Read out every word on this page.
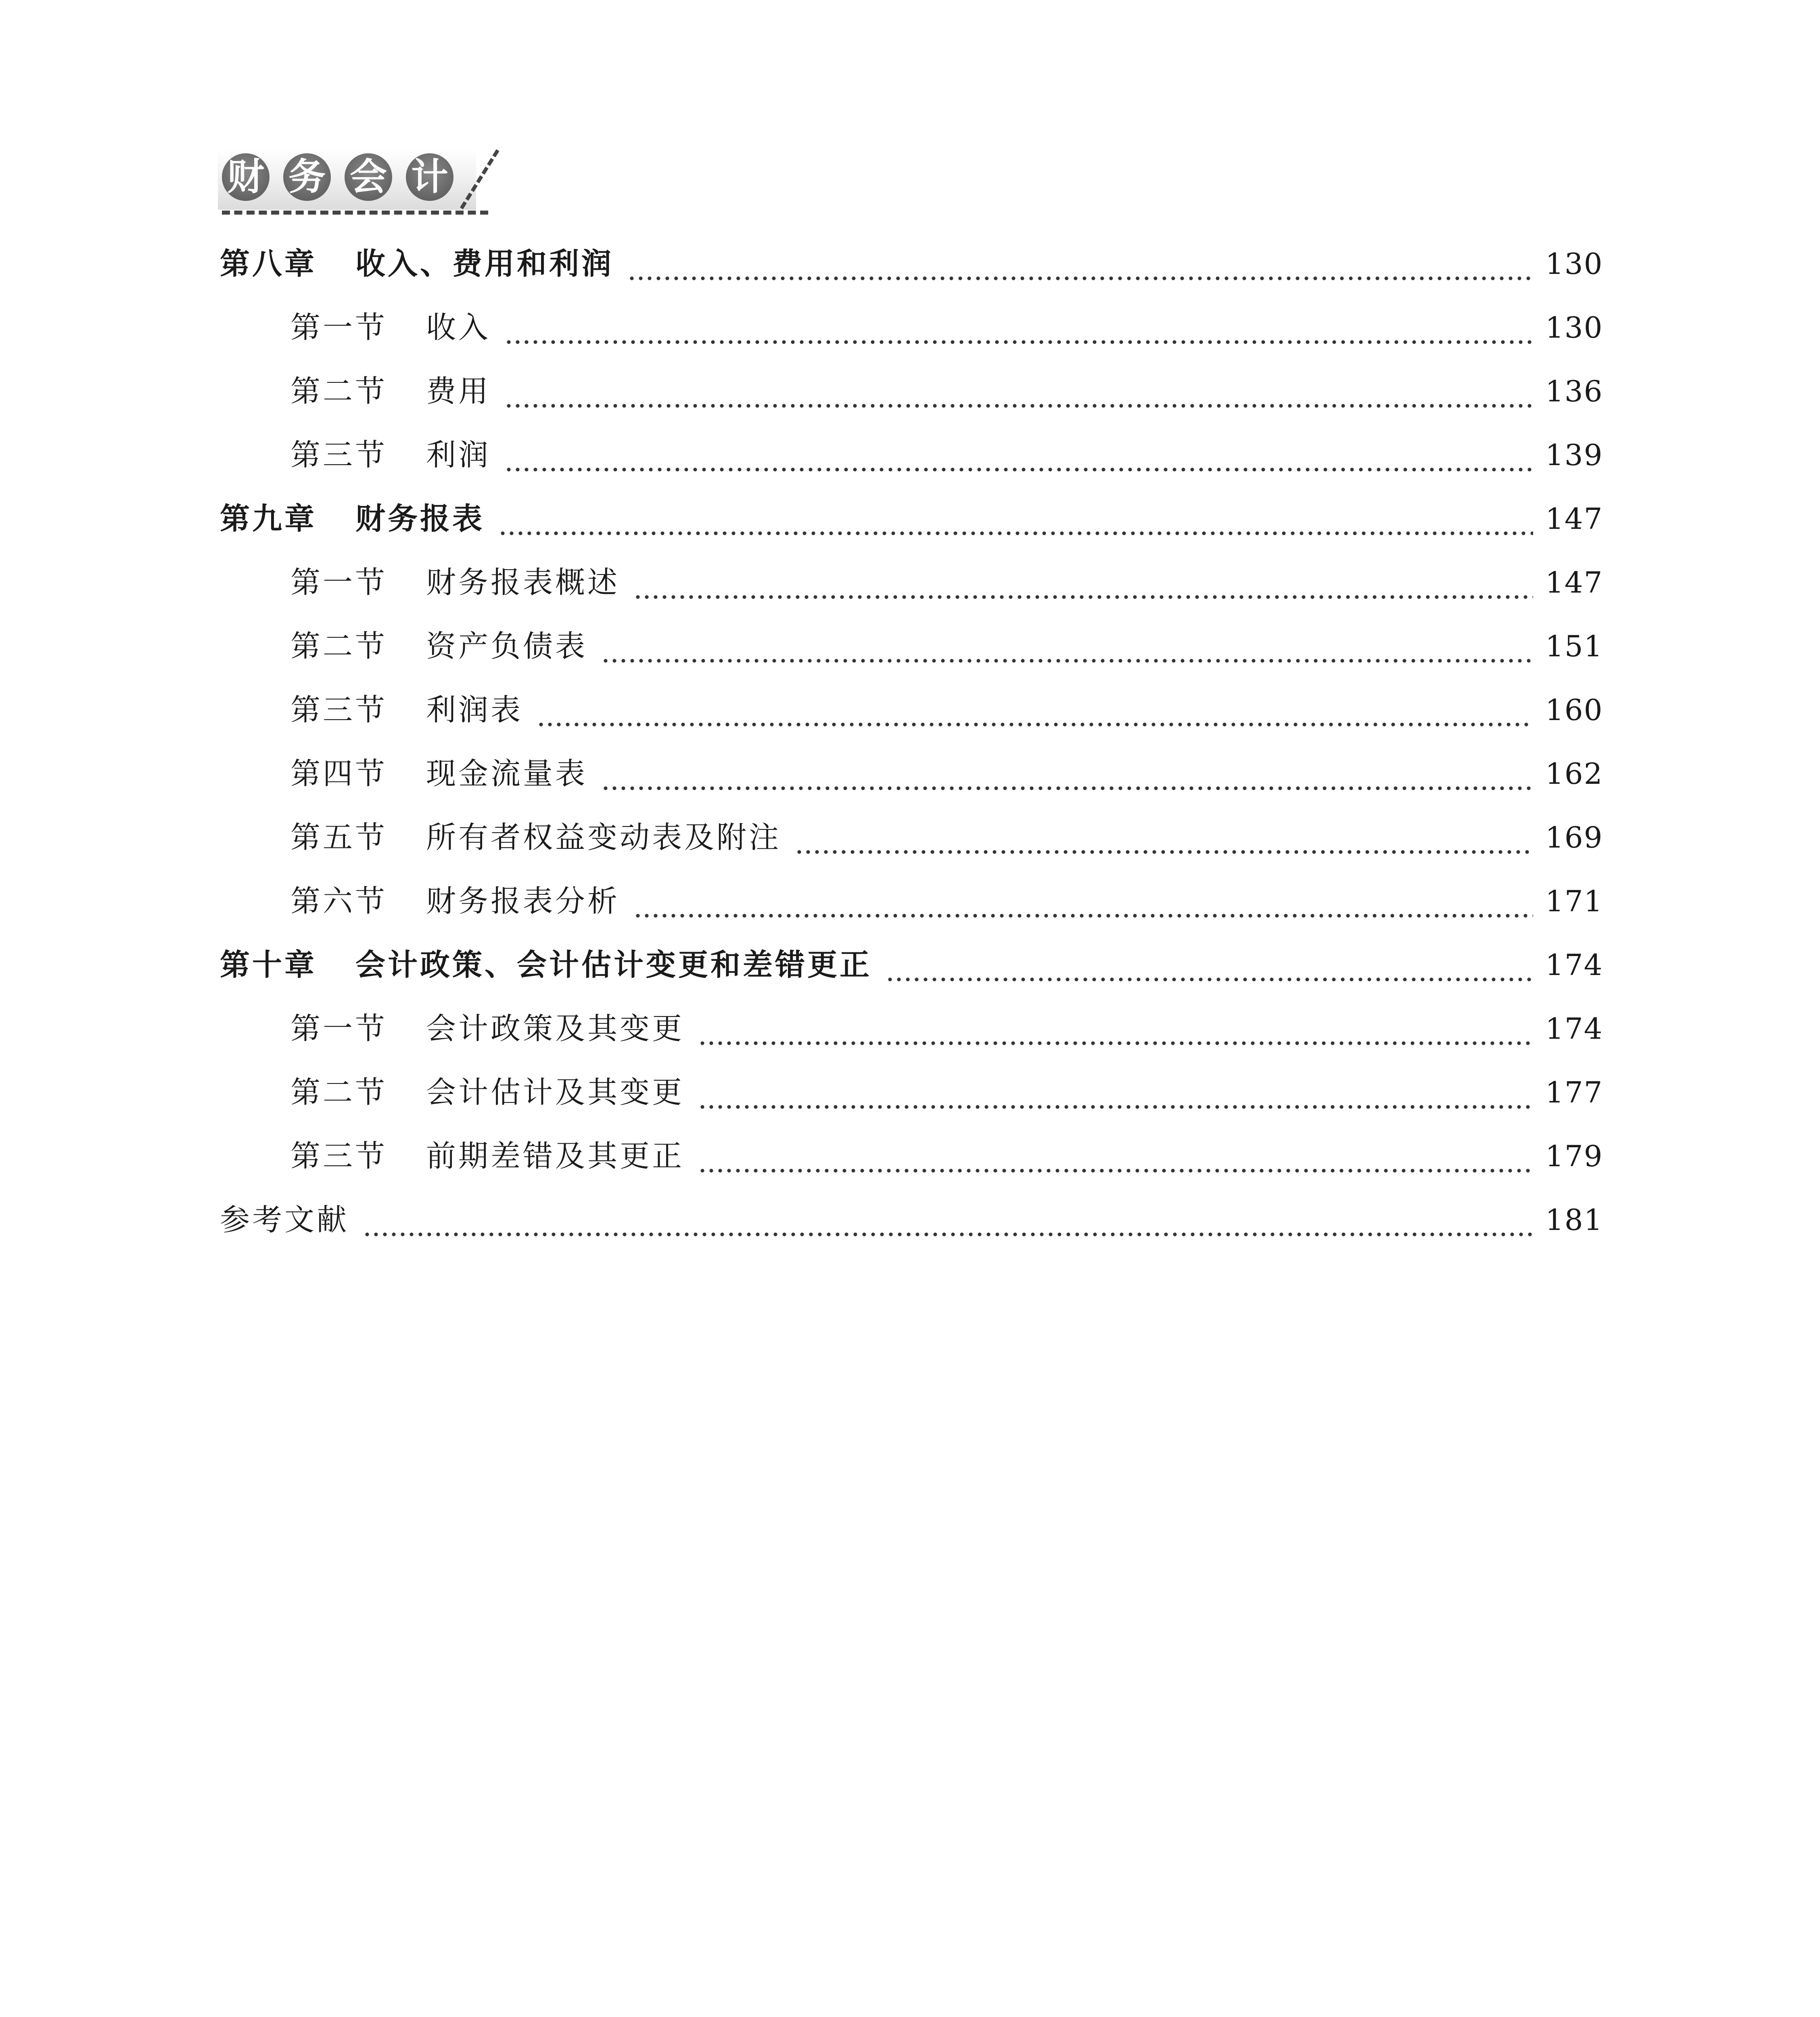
财 务 会 计
第八章 收入、费用和利润	130
第一节 收入	130
第二节 费用	136
第三节 利润	139
第九章 财务报表	147
第一节 财务报表概述	147
第二节 资产负债表	151
第三节 利润表	160
第四节 现金流量表	162
第五节 所有者权益变动表及附注	169
第六节 财务报表分析	171
第十章 会计政策、会计估计变更和差错更正	174
第一节 会计政策及其变更	174
第二节 会计估计及其变更	177
第三节 前期差错及其更正	179
参考文献	181
